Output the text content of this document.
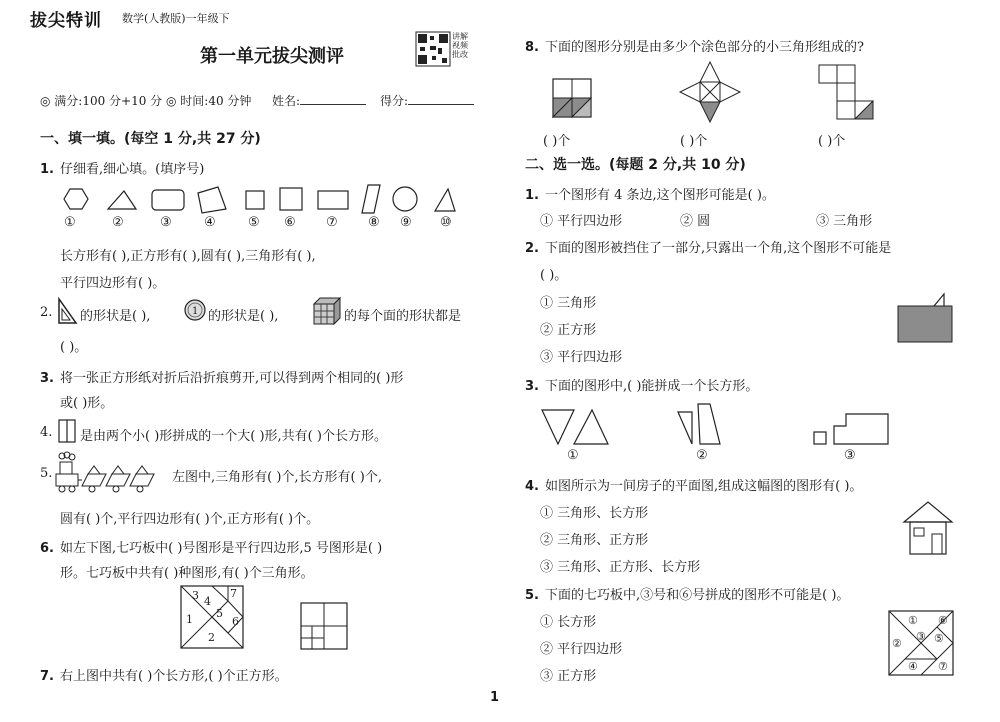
拔尖特训 数学(人教版)一年级下
第一单元拔尖测评
讲解视频批改
◎ 满分:100 分+10 分 ◎ 时间:40 分钟 姓名:	得分:
一、填一填。(每空 1 分,共 27 分)
1. 仔细看,细心填。(填序号)
①	②	③ ④ ⑤ ⑥ ⑦ ⑧ ⑨ ⑩
长方形有( ),正方形有( ),圆有( ),三角形有( ),
平行四边形有( )。
2. 的形状是( ),	1 的形状是( ),	的每个面的形状都是
( )。
3. 将一张正方形纸对折后沿折痕剪开,可以得到两个相同的( )形
或( )形。
4. 是由两个小( )形拼成的一个大( )形,共有( )个长方形。
5.	左图中,三角形有( )个,长方形有( )个,
圆有( )个,平行四边形有( )个,正方形有( )个。
6. 如左下图,七巧板中( )号图形是平行四边形,5 号图形是( )
形。七巧板中共有( )种图形,有( )个三角形。
3 4
7
1 5
6
2
7. 右上图中共有( )个长方形,( )个正方形。
8. 下面的图形分别是由多少个涂色部分的小三角形组成的?
( )个	( )个	( )个
二、选一选。(每题 2 分,共 10 分)
1. 一个图形有 4 条边,这个图形可能是( )。
① 平行四边形	② 圆	③ 三角形
2. 下面的图形被挡住了一部分,只露出一个角,这个图形不可能是
( )。
① 三角形
② 正方形
③ 平行四边形
3. 下面的图形中,( )能拼成一个长方形。
①	②	③
4. 如图所示为一间房子的平面图,组成这幅图的图形有( )。
① 三角形、长方形
② 三角形、正方形
③ 三角形、正方形、长方形
5. 下面的七巧板中,③号和⑥号拼成的图形不可能是( )。
① 长方形
② 平行四边形
③ 正方形
① ⑥
②
③ ⑤
④ ⑦
1
